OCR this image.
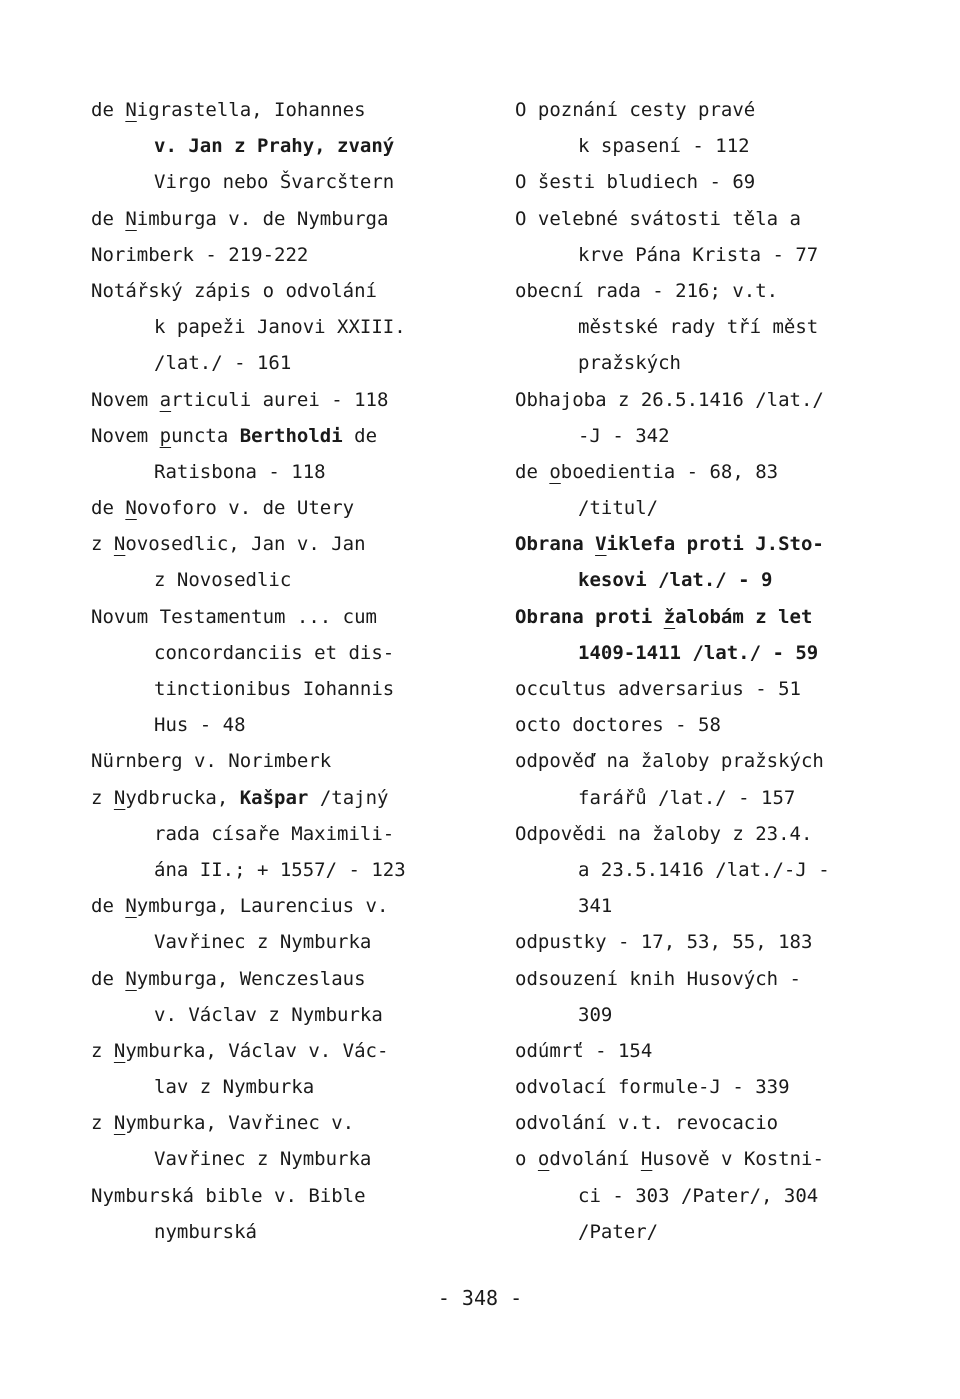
de Nigrastella, Iohannes
v. Jan z Prahy, zvaný
Virgo nebo Švarcštern
de Nimburga v. de Nymburga
Norimberk - 219-222
Notářský zápis o odvolání
k papeži Janovi XXIII.
/lat./ - 161
Novem articuli aurei - 118
Novem puncta Bertholdi de
Ratisbona - 118
de Novoforo v. de Utery
z Novosedlic, Jan v. Jan
z Novosedlic
Novum Testamentum ... cum
concordanciis et dis-
tinctionibus Iohannis
Hus - 48
Nürnberg v. Norimberk
z Nydbrucka, Kašpar /tajný
rada císaře Maximili-
ána II.; + 1557/ - 123
de Nymburga, Laurencius v.
Vavřinec z Nymburka
de Nymburga, Wenczeslaus
v. Václav z Nymburka
z Nymburka, Václav v. Vác-
lav z Nymburka
z Nymburka, Vavřinec v.
Vavřinec z Nymburka
Nymburská bible v. Bible
nymburská
O poznání cesty pravé
k spasení - 112
O šesti bludiech - 69
O velebné svátosti těla a
krve Pána Krista - 77
obecní rada - 216; v.t.
městské rady tří měst
pražských
Obhajoba z 26.5.1416 /lat./
-J - 342
de oboedientia - 68, 83
/titul/
Obrana Viklefa proti J.Sto-
kesovi /lat./ - 9
Obrana proti žalobám z let
1409-1411 /lat./ - 59
occultus adversarius - 51
octo doctores - 58
odpověď na žaloby pražských
farářů /lat./ - 157
Odpovědi na žaloby z 23.4.
a 23.5.1416 /lat./-J -
341
odpustky - 17, 53, 55, 183
odsouzení knih Husových -
309
odúmrť - 154
odvolací formule-J - 339
odvolání v.t. revocacio
o odvolání Husově v Kostni-
ci - 303 /Pater/, 304
/Pater/
- 348 -
